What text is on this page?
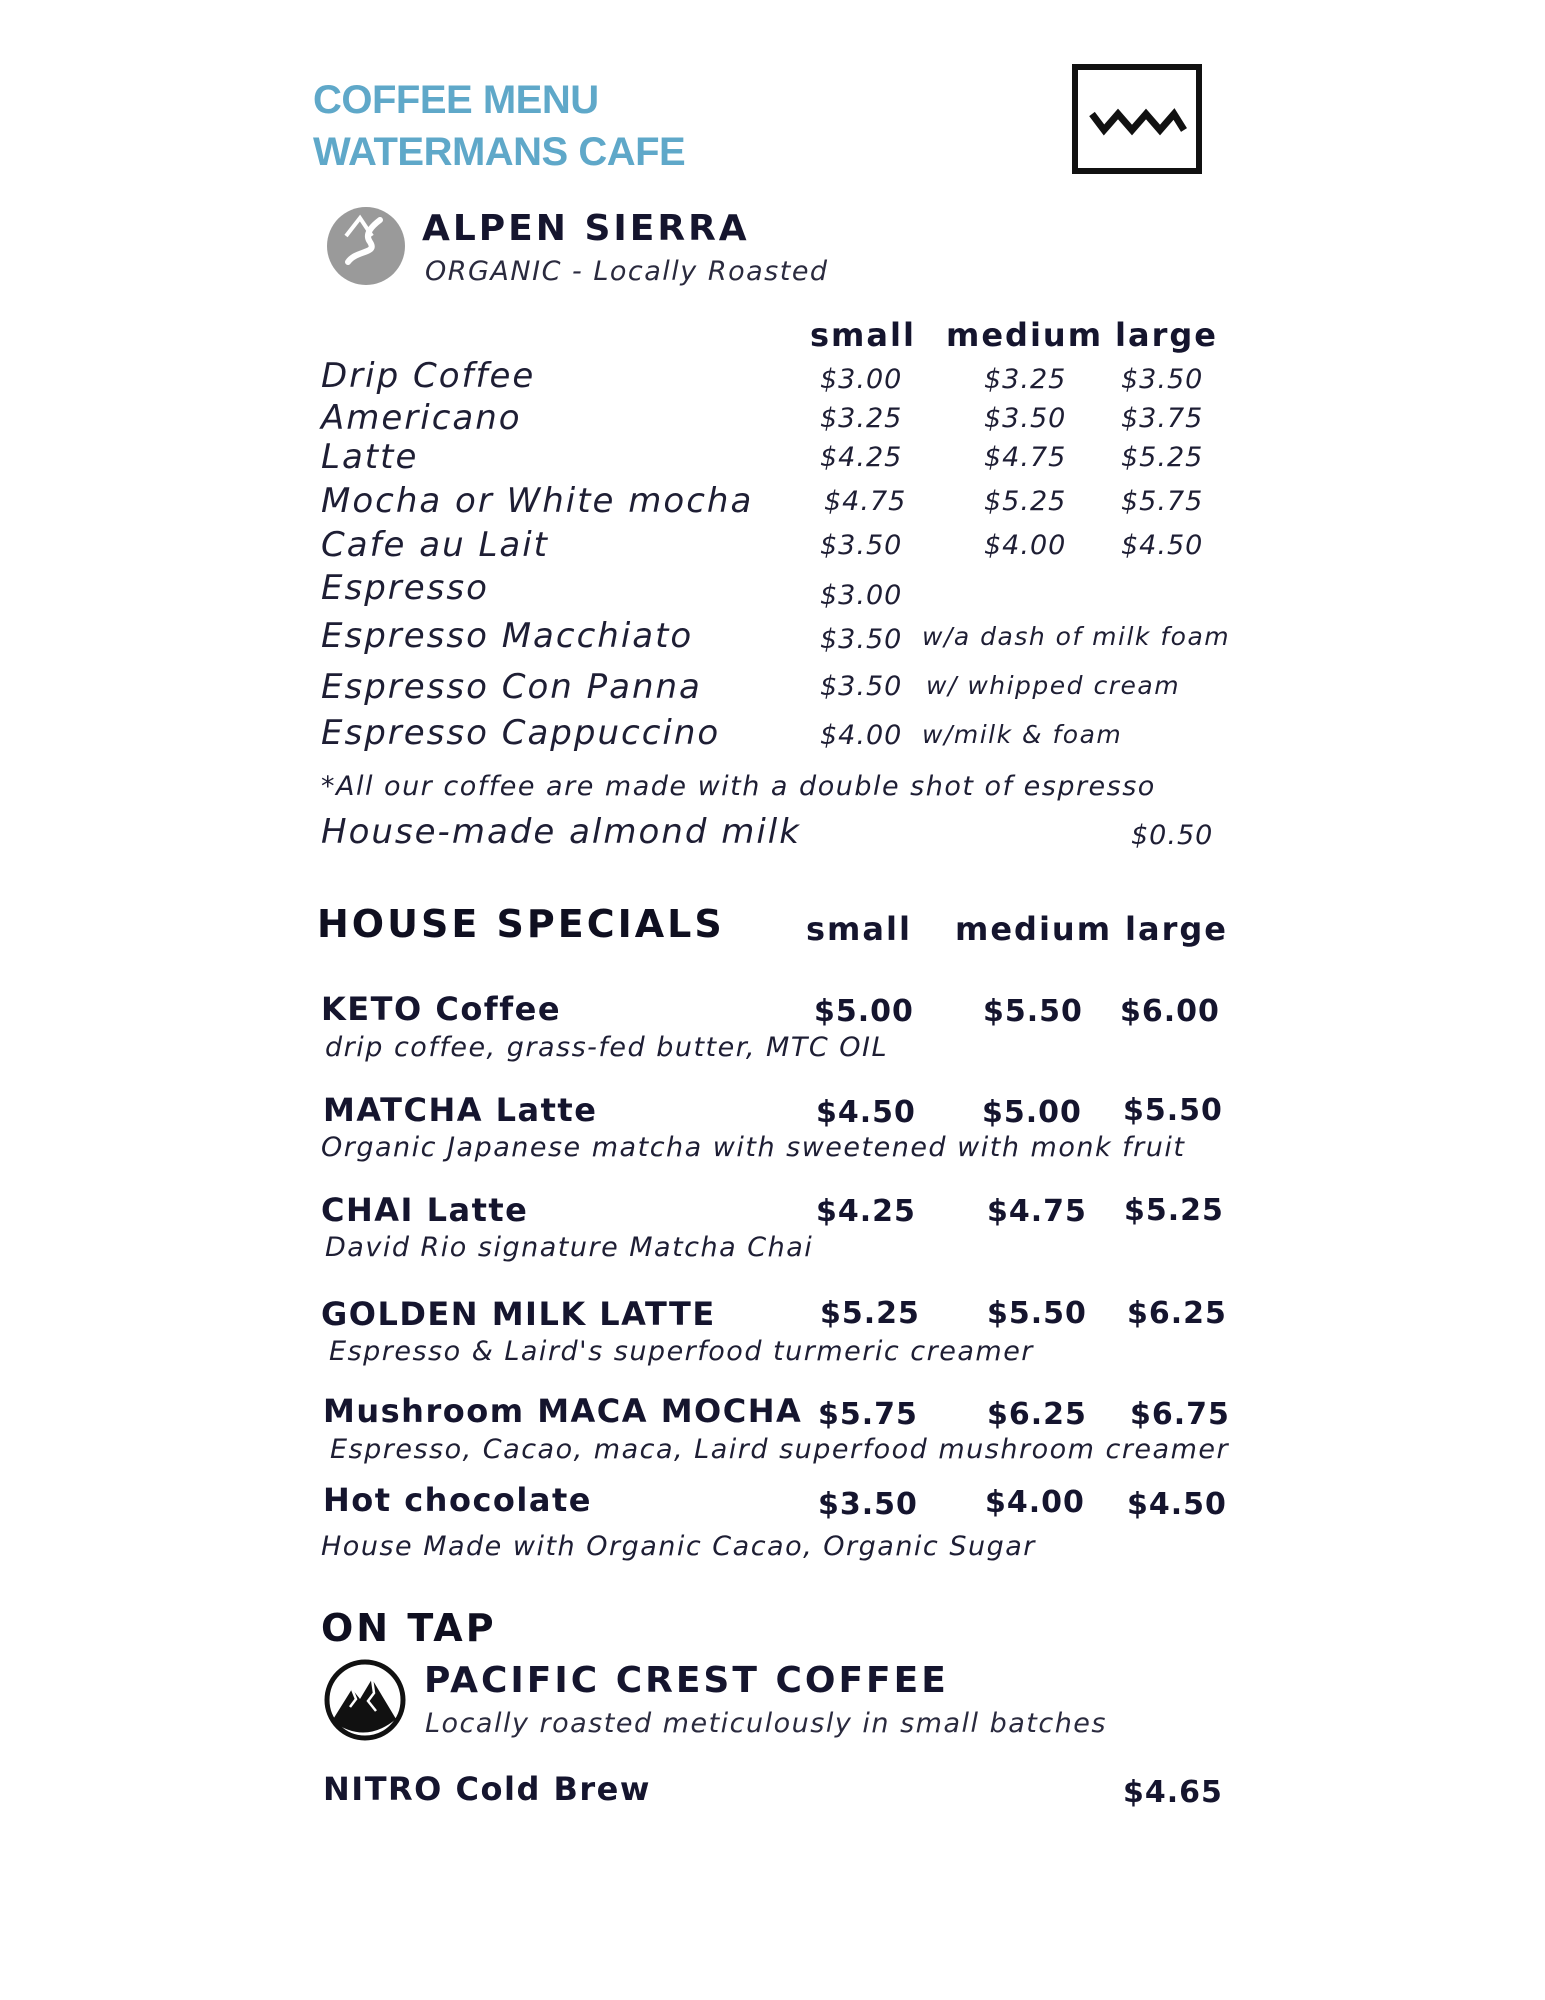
COFFEE MENU
WATERMANS CAFE
ALPEN SIERRA
ORGANIC - Locally Roasted
small medium large
Drip Coffee	$3.00	$3.25 $3.50
Americano	$3.25	$3.50 $3.75
Latte	$4.25	$4.75 $5.25
Mocha or White mocha	$4.75	$5.25 $5.75
Cafe au Lait	$3.50	$4.00 $4.50
Espresso	$3.00
Espresso Macchiato	$3.50 w/a dash of milk foam
Espresso Con Panna	$3.50 w/ whipped cream
Espresso Cappuccino	$4.00 w/milk & foam
*All our coffee are made with a double shot of espresso
House-made almond milk	$0.50
HOUSE SPECIALS	small medium large
KETO Coffee	$5.00 $5.50 $6.00
drip coffee, grass-fed butter, MTC OIL
MATCHA Latte	$4.50 $5.00 $5.50
Organic Japanese matcha with sweetened with monk fruit
CHAI Latte	$4.25 $4.75 $5.25
David Rio signature Matcha Chai
GOLDEN MILK LATTE	$5.25 $5.50 $6.25
Espresso & Laird's superfood turmeric creamer
Mushroom MACA MOCHA $5.75 $6.25 $6.75
Espresso, Cacao, maca, Laird superfood mushroom creamer
Hot chocolate	$3.50 $4.00 $4.50
House Made with Organic Cacao, Organic Sugar
ON TAP
PACIFIC CREST COFFEE
Locally roasted meticulously in small batches
NITRO Cold Brew	$4.65
